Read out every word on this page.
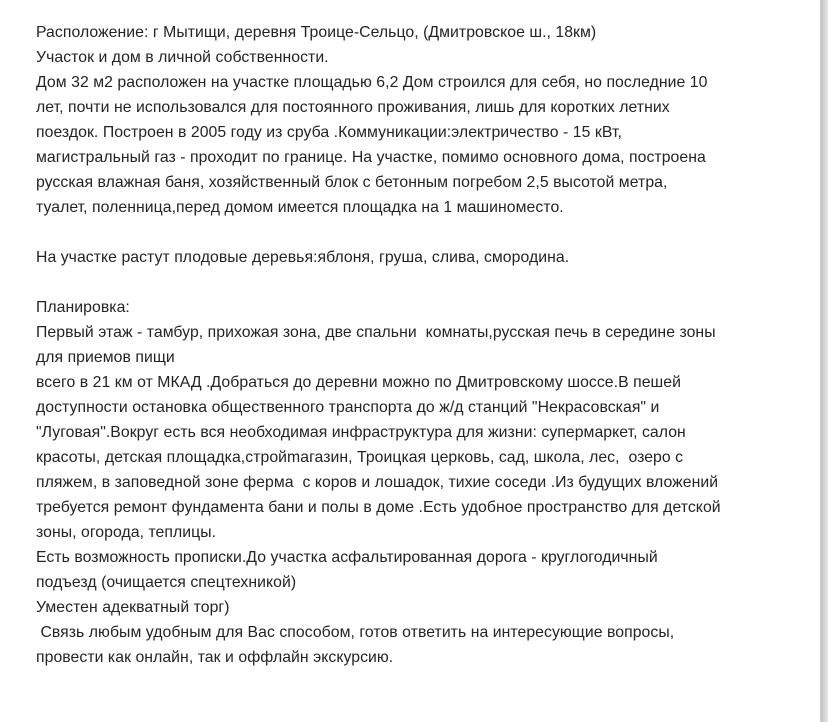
Расположение: г Мытищи, деревня Троице-Сельцо, (Дмитровское ш., 18км)
Участок и дом в личной собственности.
Дом 32 м2 расположен на участке площадью 6,2 Дом строился для себя, но последние 10
лет, почти не использовался для постоянного проживания, лишь для коротких летних
поездок. Построен в 2005 году из сруба .Коммуникации:электричество - 15 кВт,
магистральный газ - проходит по границе. На участке, помимо основного дома, построена
русская влажная баня, хозяйственный блок с бетонным погребом 2,5 высотой метра,
туалет, поленница,перед домом имеется площадка на 1 машиноместо.
На участке растут плодовые деревья:яблоня, груша, слива, смородина.
Планировка:
Первый этаж - тамбур, прихожая зона, две спальни  комнаты,русская печь в середине зоны
для приемов пищи
всего в 21 км от МКАД .Добраться до деревни можно по Дмитровскому шоссе.В пешей
доступности остановка общественного транспорта до ж/д станций "Некрасовская" и
"Луговая".Вокруг есть вся необходимая инфраструктура для жизни: супермаркет, салон
красоты, детская площадка,стройmагазин, Троицкая церковь, сад, школа, лес,  озеро с
пляжем, в заповедной зоне ферма  с коров и лошадок, тихие соседи .Из будущих вложений
требуется ремонт фундамента бани и полы в доме .Есть удобное пространство для детской
зоны, огорода, теплицы.
Есть возможность прописки.До участка асфальтированная дорога - круглогодичный
подъезд (очищается спецтехникой)
Уместен адекватный торг)
Связь любым удобным для Вас способом, готов ответить на интересующие вопросы,
провести как онлайн, так и оффлайн экскурсию.
